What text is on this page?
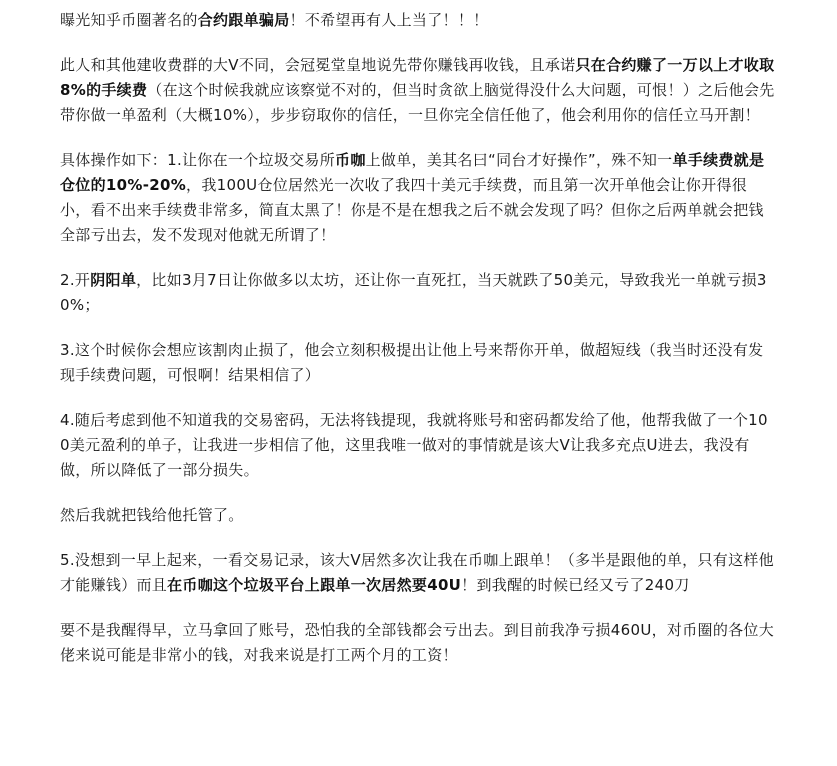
曝光知乎币圈著名的合约跟单骗局！不希望再有人上当了！！！

此人和其他建收费群的大V不同，会冠冕堂皇地说先带你赚钱再收钱，且承诺只在合约赚了一万以上才收取8%的手续费（在这个时候我就应该察觉不对的，但当时贪欲上脑觉得没什么大问题，可恨！）之后他会先带你做一单盈利（大概10%），步步窃取你的信任，一旦你完全信任他了，他会利用你的信任立马开割！

具体操作如下：1.让你在一个垃圾交易所币咖上做单，美其名曰“同台才好操作”，殊不知一单手续费就是仓位的10%-20%，我100U仓位居然光一次收了我四十美元手续费，而且第一次开单他会让你开得很小，看不出来手续费非常多，简直太黑了！你是不是在想我之后不就会发现了吗？但你之后两单就会把钱全部亏出去，发不发现对他就无所谓了！

2.开阴阳单，比如3月7日让你做多以太坊，还让你一直死扛，当天就跌了50美元，导致我光一单就亏损30%；

3.这个时候你会想应该割肉止损了，他会立刻积极提出让他上号来帮你开单，做超短线（我当时还没有发现手续费问题，可恨啊！结果相信了）

4.随后考虑到他不知道我的交易密码，无法将钱提现，我就将账号和密码都发给了他，他帮我做了一个100美元盈利的单子，让我进一步相信了他，这里我唯一做对的事情就是该大V让我多充点U进去，我没有做，所以降低了一部分损失。

然后我就把钱给他托管了。

5.没想到一早上起来，一看交易记录，该大V居然多次让我在币咖上跟单！（多半是跟他的单，只有这样他才能赚钱）而且在币咖这个垃圾平台上跟单一次居然要40U！到我醒的时候已经又亏了240刀

要不是我醒得早，立马拿回了账号，恐怕我的全部钱都会亏出去。到目前我净亏损460U，对币圈的各位大佬来说可能是非常小的钱，对我来说是打工两个月的工资！
